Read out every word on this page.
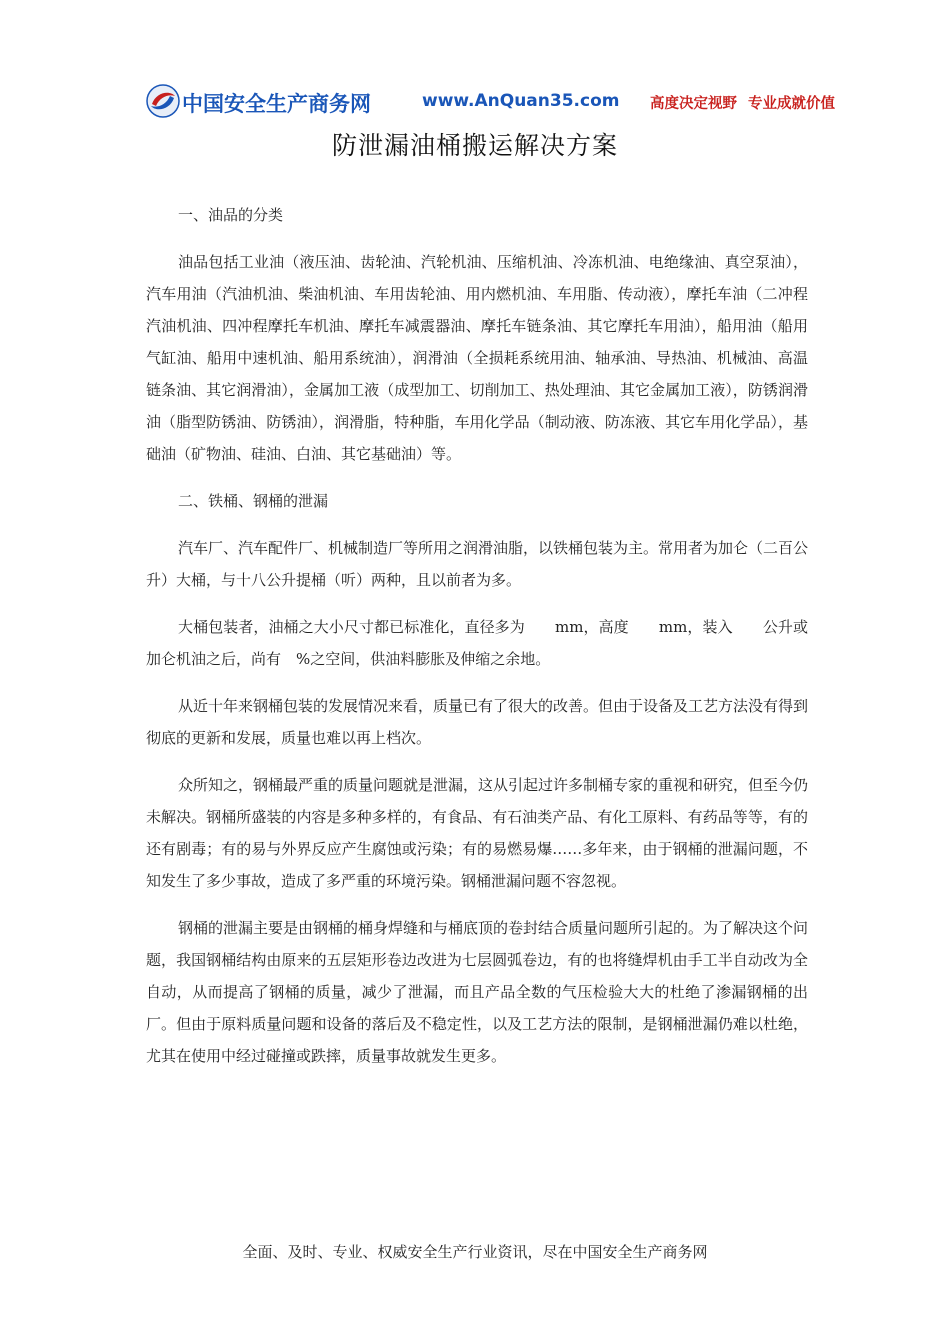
中国安全生产商务网	www.AnQuan35.com 高度决定视野 专业成就价值
防泄漏油桶搬运解决方案

一、油品的分类

油品包括工业油（液压油、齿轮油、汽轮机油、压缩机油、冷冻机油、电绝缘油、真空泵油），汽车用油（汽油机油、柴油机油、车用齿轮油、用内燃机油、车用脂、传动液），摩托车油（二冲程汽油机油、四冲程摩托车机油、摩托车减震器油、摩托车链条油、其它摩托车用油），船用油（船用气缸油、船用中速机油、船用系统油），润滑油（全损耗系统用油、轴承油、导热油、机械油、高温链条油、其它润滑油），金属加工液（成型加工、切削加工、热处理油、其它金属加工液），防锈润滑油（脂型防锈油、防锈油），润滑脂，特种脂，车用化学品（制动液、防冻液、其它车用化学品），基础油（矿物油、硅油、白油、其它基础油）等。

二、铁桶、钢桶的泄漏

汽车厂、汽车配件厂、机械制造厂等所用之润滑油脂，以铁桶包装为主。常用者为加仑（二百公升）大桶，与十八公升提桶（听）两种，且以前者为多。

大桶包装者，油桶之大小尺寸都已标准化，直径多为　　mm，高度　　mm，装入　　公升或　　加仑机油之后，尚有　%之空间，供油料膨胀及伸缩之余地。

从近十年来钢桶包装的发展情况来看，质量已有了很大的改善。但由于设备及工艺方法没有得到彻底的更新和发展，质量也难以再上档次。

众所知之，钢桶最严重的质量问题就是泄漏，这从引起过许多制桶专家的重视和研究，但至今仍未解决。钢桶所盛装的内容是多种多样的，有食品、有石油类产品、有化工原料、有药品等等，有的还有剧毒；有的易与外界反应产生腐蚀或污染；有的易燃易爆……多年来，由于钢桶的泄漏问题，不知发生了多少事故，造成了多严重的环境污染。钢桶泄漏问题不容忽视。

钢桶的泄漏主要是由钢桶的桶身焊缝和与桶底顶的卷封结合质量问题所引起的。为了解决这个问题，我国钢桶结构由原来的五层矩形卷边改进为七层圆弧卷边，有的也将缝焊机由手工半自动改为全自动，从而提高了钢桶的质量，减少了泄漏，而且产品全数的气压检验大大的杜绝了渗漏钢桶的出厂。但由于原料质量问题和设备的落后及不稳定性，以及工艺方法的限制，是钢桶泄漏仍难以杜绝，尤其在使用中经过碰撞或跌摔，质量事故就发生更多。

全面、及时、专业、权威安全生产行业资讯，尽在中国安全生产商务网
